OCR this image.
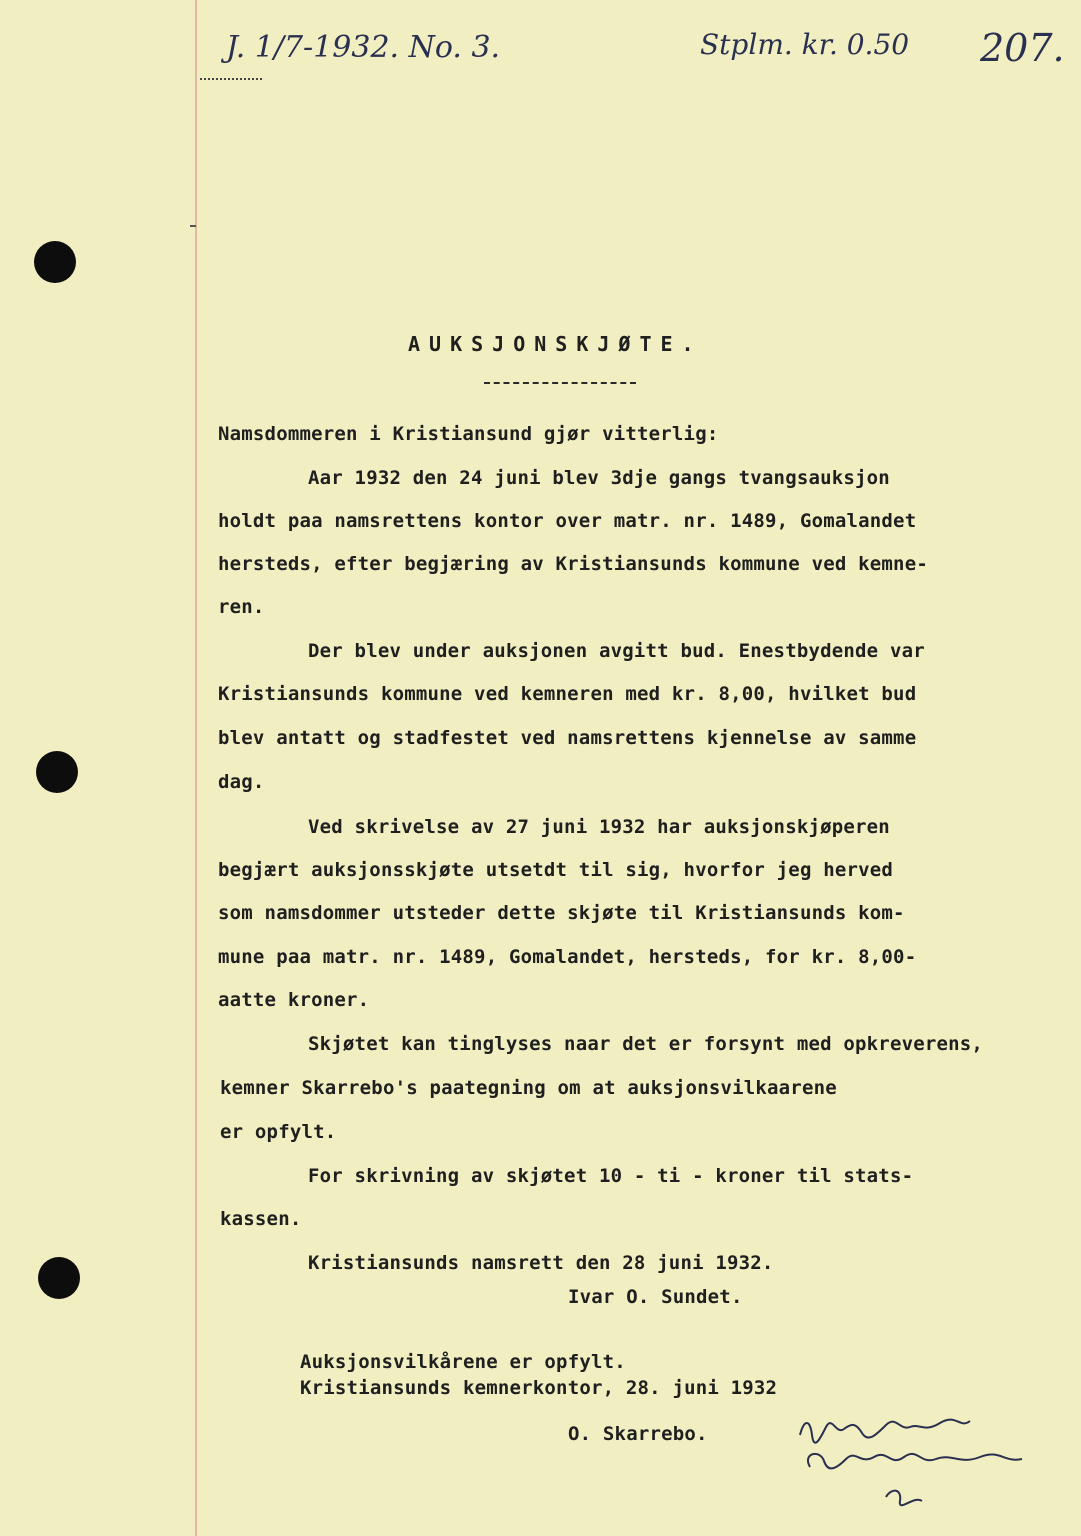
J. 1/7-1932. No. 3.	Stplm. kr. 0.50 207.
AUKSJONSKJØTE.
Namsdommeren i Kristiansund gjør vitterlig:
Aar 1932 den 24 juni blev 3dje gangs tvangsauksjon
holdt paa namsrettens kontor over matr. nr. 1489, Gomalandet
hersteds, efter begjæring av Kristiansunds kommune ved kemne-
ren.
Der blev under auksjonen avgitt bud. Enestbydende var
Kristiansunds kommune ved kemneren med kr. 8,00, hvilket bud
blev antatt og stadfestet ved namsrettens kjennelse av samme
dag.
Ved skrivelse av 27 juni 1932 har auksjonskjøperen
begjært auksjonsskjøte utsetdt til sig, hvorfor jeg herved
som namsdommer utsteder dette skjøte til Kristiansunds kom-
mune paa matr. nr. 1489, Gomalandet, hersteds, for kr. 8,00-
aatte kroner.
Skjøtet kan tinglyses naar det er forsynt med opkreverens,
kemner Skarrebo's paategning om at auksjonsvilkaarene
er opfylt.
For skrivning av skjøtet 10 - ti - kroner til stats-
kassen.
Kristiansunds namsrett den 28 juni 1932.
Ivar O. Sundet.
Auksjonsvilkårene er opfylt.
Kristiansunds kemnerkontor, 28. juni 1932
O. Skarrebo.
